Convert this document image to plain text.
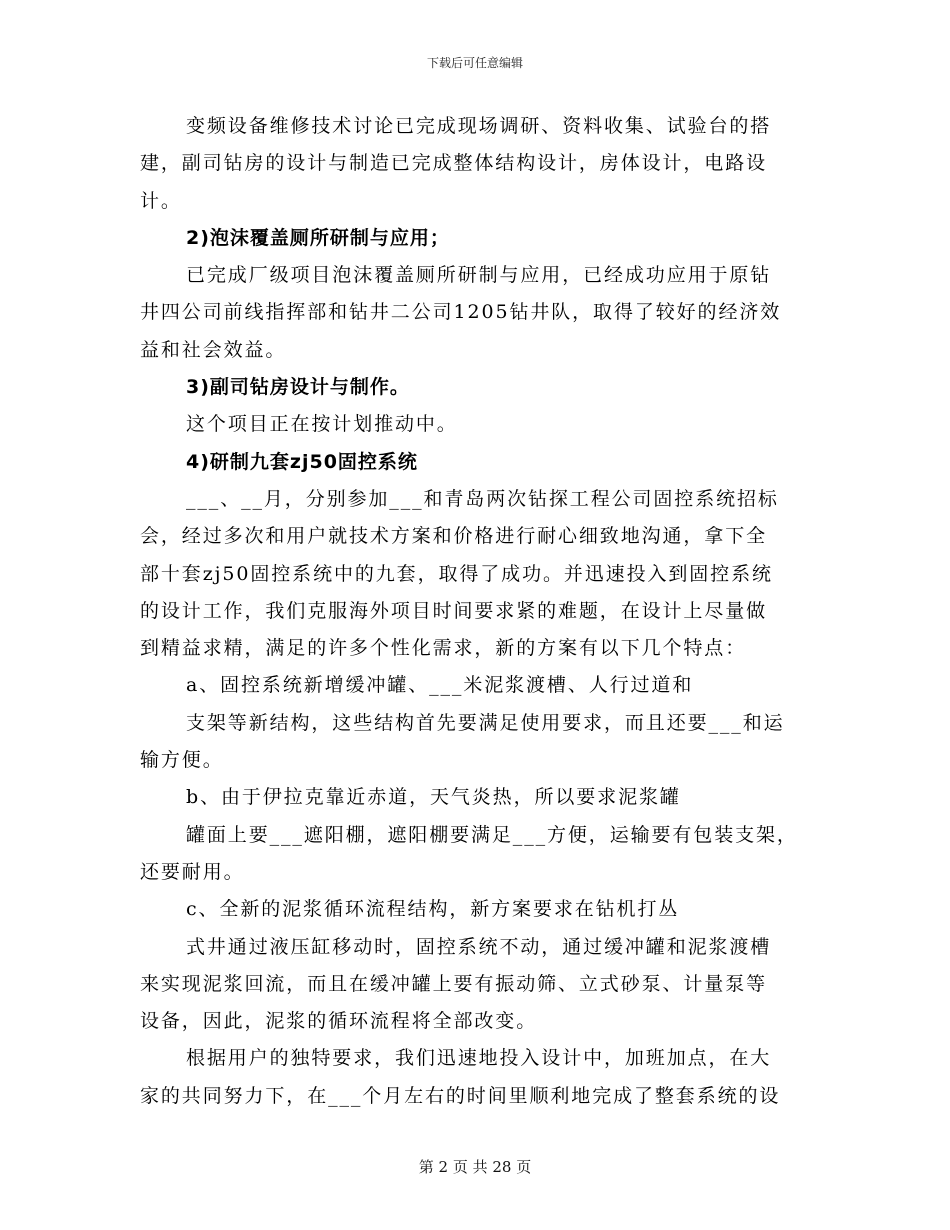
下载后可任意编辑
变频设备维修技术讨论已完成现场调研、资料收集、试验台的搭
建，副司钻房的设计与制造已完成整体结构设计，房体设计，电路设
计。
2)泡沫覆盖厕所研制与应用；
已完成厂级项目泡沫覆盖厕所研制与应用，已经成功应用于原钻
井四公司前线指挥部和钻井二公司1205钻井队，取得了较好的经济效
益和社会效益。
3)副司钻房设计与制作。
这个项目正在按计划推动中。
4)研制九套zj50固控系统
___、__月，分别参加___和青岛两次钻探工程公司固控系统招标
会，经过多次和用户就技术方案和价格进行耐心细致地沟通，拿下全
部十套zj50固控系统中的九套，取得了成功。并迅速投入到固控系统
的设计工作，我们克服海外项目时间要求紧的难题，在设计上尽量做
到精益求精，满足的许多个性化需求，新的方案有以下几个特点：
a、固控系统新增缓冲罐、___米泥浆渡槽、人行过道和
支架等新结构，这些结构首先要满足使用要求，而且还要___和运
输方便。
b、由于伊拉克靠近赤道，天气炎热，所以要求泥浆罐
罐面上要___遮阳棚，遮阳棚要满足___方便，运输要有包装支架，
还要耐用。
c、全新的泥浆循环流程结构，新方案要求在钻机打丛
式井通过液压缸移动时，固控系统不动，通过缓冲罐和泥浆渡槽
来实现泥浆回流，而且在缓冲罐上要有振动筛、立式砂泵、计量泵等
设备，因此，泥浆的循环流程将全部改变。
根据用户的独特要求，我们迅速地投入设计中，加班加点，在大
家的共同努力下，在___个月左右的时间里顺利地完成了整套系统的设
第 2 页 共 28 页
